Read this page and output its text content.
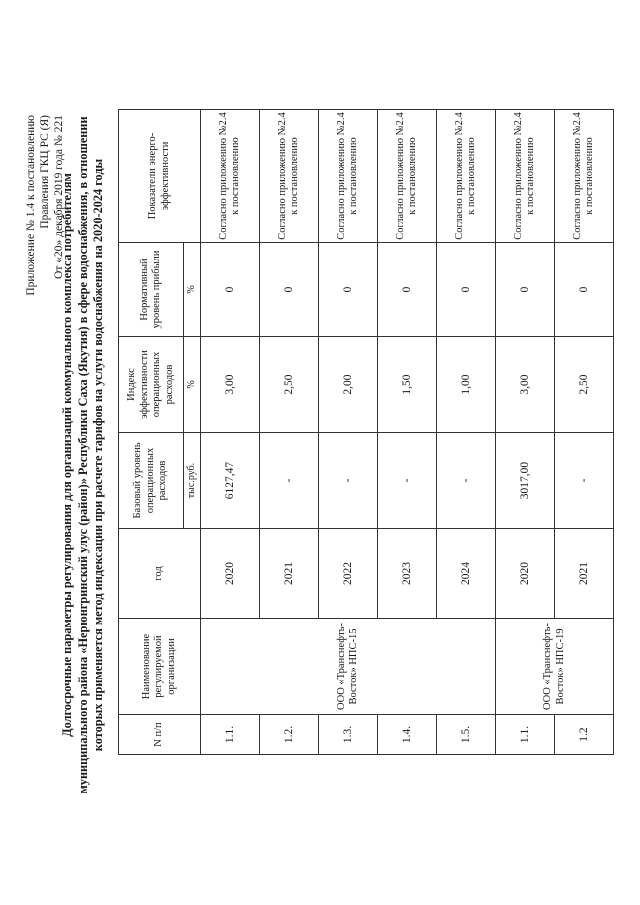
Приложение № 1.4 к постановлению Правления ГКЦ РС (Я) От «20» декабря 2019 года № 221
Долгосрочные параметры регулирования для организаций коммунального комплекса потребителям муниципального района «Нерюнгринский улус (район)» Республики Саха (Якутия) в сфере водоснабжения, в отношении которых применяется метод индексации при расчете тарифов на услуги водоснабжения на 2020-2024 годы	N п/п	Наименование регулируемой организации	год	Базовый уровень операционных расходов	Индекс эффективности операционных расходов	Нормативный уровень прибыли	Показатели энерго-эффективности
			тыс.руб.	%	%	
1.1.	ООО «Транснефть-Восток» НПС-15	2020	6127,47	3,00	0	Согласно приложению №2.4 к постановлению
1.2.		2021	-	2,50	0	Согласно приложению №2.4 к постановлению
1.3.		2022	-	2,00	0	Согласно приложению №2.4 к постановлению
1.4.		2023	-	1,50	0	Согласно приложению №2.4 к постановлению
1.5.		2024	-	1,00	0	Согласно приложению №2.4 к постановлению
1.1.	ООО «Транснефть-Восток» НПС-19	2020	3017,00	3,00	0	Согласно приложению №2.4 к постановлению
1.2		2021	-	2,50	0	Согласно приложению №2.4 к постановлению
